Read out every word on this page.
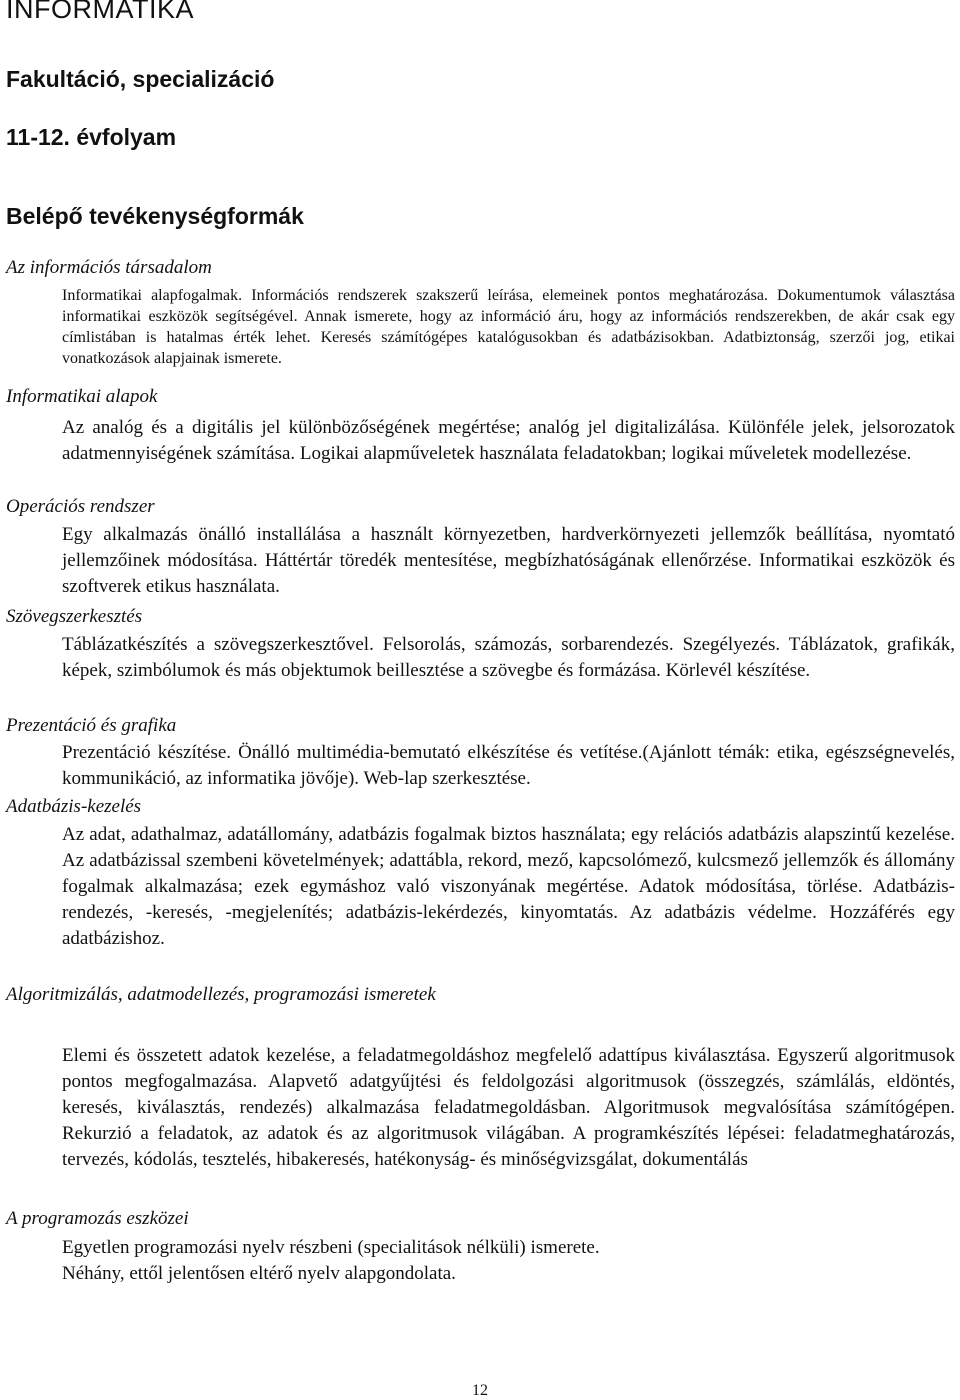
INFORMATIKA
Fakultáció, specializáció
11-12. évfolyam
Belépő tevékenységformák
Az információs társadalom

Informatikai alapfogalmak. Információs rendszerek szakszerű leírása, elemeinek pontos meghatározása. Dokumentumok választása informatikai eszközök segítségével. Annak ismerete, hogy az információ áru, hogy az információs rendszerekben, de akár csak egy címlistában is hatalmas érték lehet. Keresés számítógépes katalógusokban és adatbázisokban. Adatbiztonság, szerzői jog, etikai vonatkozások alapjainak ismerete.

Informatikai alapok

Az analóg és a digitális jel különbözőségének megértése; analóg jel digitalizálása. Különféle jelek, jelsorozatok adatmennyiségének számítása. Logikai alapműveletek használata feladatokban; logikai műveletek modellezése.

Operációs rendszer

Egy alkalmazás önálló installálása a használt környezetben, hardverkörnyezeti jellemzők beállítása, nyomtató jellemzőinek módosítása. Háttértár töredék mentesítése, megbízhatóságának ellenőrzése. Informatikai eszközök és szoftverek etikus használata.

Szövegszerkesztés

Táblázatkészítés a szövegszerkesztővel. Felsorolás, számozás, sorbarendezés. Szegélyezés. Táblázatok, grafikák, képek, szimbólumok és más objektumok beillesztése a szövegbe és formázása. Körlevél készítése.

Prezentáció és grafika

Prezentáció készítése. Önálló multimédia-bemutató elkészítése és vetítése.(Ajánlott témák: etika, egészségnevelés, kommunikáció, az informatika jövője). Web-lap szerkesztése.

Adatbázis-kezelés

Az adat, adathalmaz, adatállomány, adatbázis fogalmak biztos használata; egy relációs adatbázis alapszintű kezelése. Az adatbázissal szembeni követelmények; adattábla, rekord, mező, kapcsolómező, kulcsmező jellemzők és állomány fogalmak alkalmazása; ezek egymáshoz való viszonyának megértése. Adatok módosítása, törlése. Adatbázis-rendezés, -keresés, -megjelenítés; adatbázis-lekérdezés, kinyomtatás. Az adatbázis védelme. Hozzáférés egy adatbázishoz.

Algoritmizálás, adatmodellezés, programozási ismeretek

Elemi és összetett adatok kezelése, a feladatmegoldáshoz megfelelő adattípus kiválasztása. Egyszerű algoritmusok pontos megfogalmazása. Alapvető adatgyűjtési és feldolgozási algoritmusok (összegzés, számlálás, eldöntés, keresés, kiválasztás, rendezés) alkalmazása feladatmegoldásban. Algoritmusok megvalósítása számítógépen. Rekurzió a feladatok, az adatok és az algoritmusok világában. A programkészítés lépései: feladatmeghatározás, tervezés, kódolás, tesztelés, hibakeresés, hatékonyság- és minőségvizsgálat, dokumentálás

A programozás eszközei

Egyetlen programozási nyelv részbeni (specialitások nélküli) ismerete.

Néhány, ettől jelentősen eltérő nyelv alapgondolata.

12
